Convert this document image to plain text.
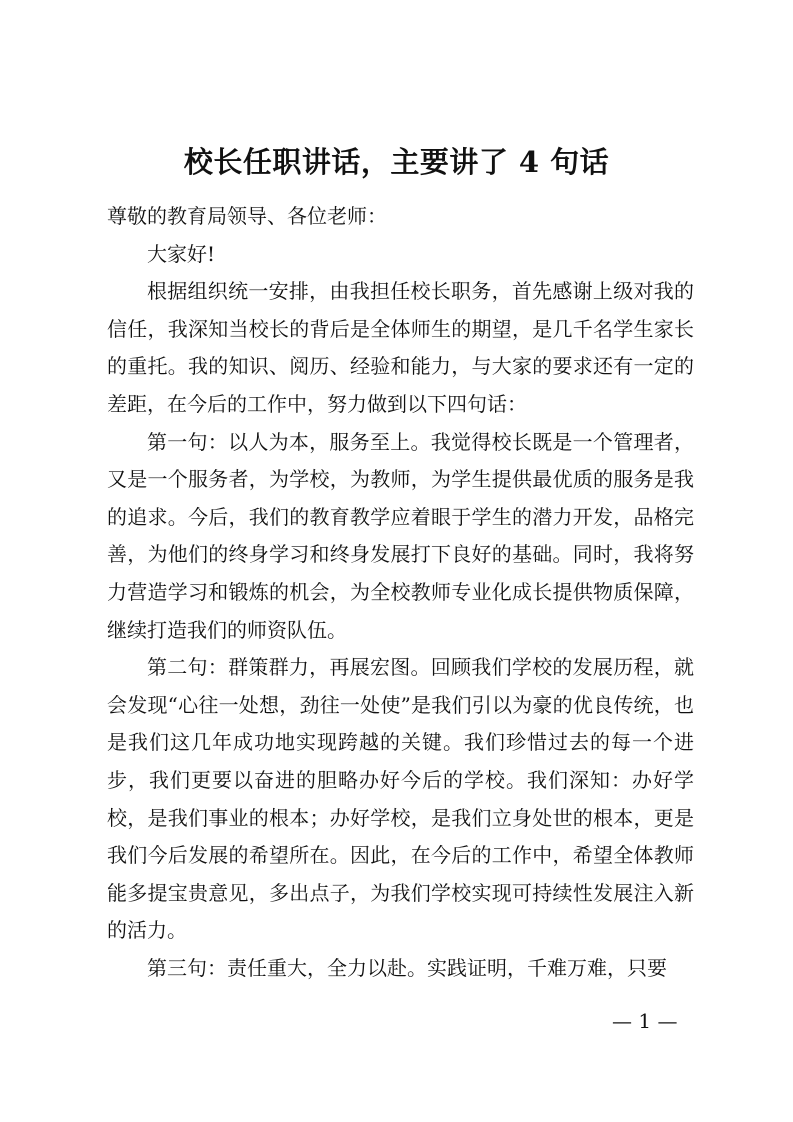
校长任职讲话，主要讲了 4 句话

尊敬的教育局领导、各位老师：

大家好!

根据组织统一安排，由我担任校长职务，首先感谢上级对我的信任，我深知当校长的背后是全体师生的期望，是几千名学生家长的重托。我的知识、阅历、经验和能力，与大家的要求还有一定的差距，在今后的工作中，努力做到以下四句话：

第一句：以人为本，服务至上。我觉得校长既是一个管理者，又是一个服务者，为学校，为教师，为学生提供最优质的服务是我的追求。今后，我们的教育教学应着眼于学生的潜力开发，品格完善，为他们的终身学习和终身发展打下良好的基础。同时，我将努力营造学习和锻炼的机会，为全校教师专业化成长提供物质保障，继续打造我们的师资队伍。

第二句：群策群力，再展宏图。回顾我们学校的发展历程，就会发现“心往一处想，劲往一处使”是我们引以为豪的优良传统，也是我们这几年成功地实现跨越的关键。我们珍惜过去的每一个进步，我们更要以奋进的胆略办好今后的学校。我们深知：办好学校，是我们事业的根本；办好学校，是我们立身处世的根本，更是我们今后发展的希望所在。因此，在今后的工作中，希望全体教师能多提宝贵意见，多出点子，为我们学校实现可持续性发展注入新的活力。

第三句：责任重大，全力以赴。实践证明，千难万难，只要

— 1 —
